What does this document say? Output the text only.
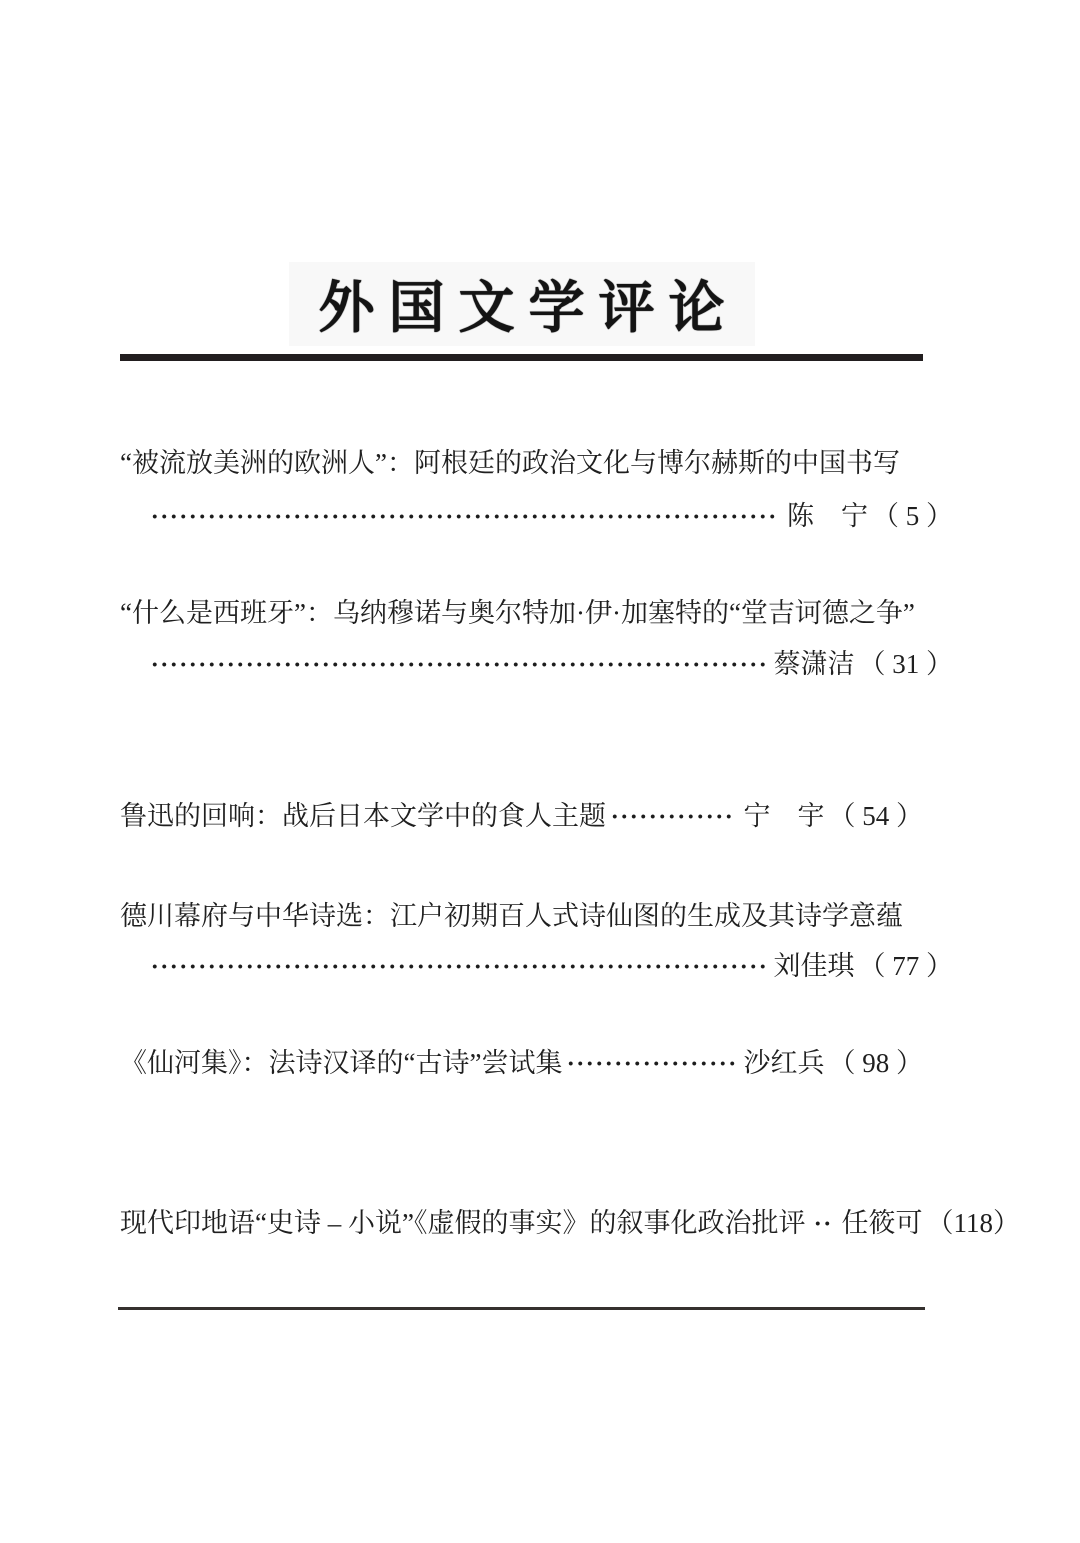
外国文学评论
“被流放美洲的欧洲人”：阿根廷的政治文化与博尔赫斯的中国书写
陈　宁 （ 5 ）
“什么是西班牙”：乌纳穆诺与奥尔特加·伊·加塞特的“堂吉诃德之争”
蔡潇洁 （ 31 ）
鲁迅的回响：战后日本文学中的食人主题	宁　宇 （ 54 ）
德川幕府与中华诗选：江户初期百人式诗仙图的生成及其诗学意蕴
刘佳琪 （ 77 ）
《仙河集》：法诗汉译的“古诗”尝试集	沙红兵 （ 98 ）
现代印地语“史诗 – 小说”《虚假的事实》的叙事化政治批评 任筱可 （118）
